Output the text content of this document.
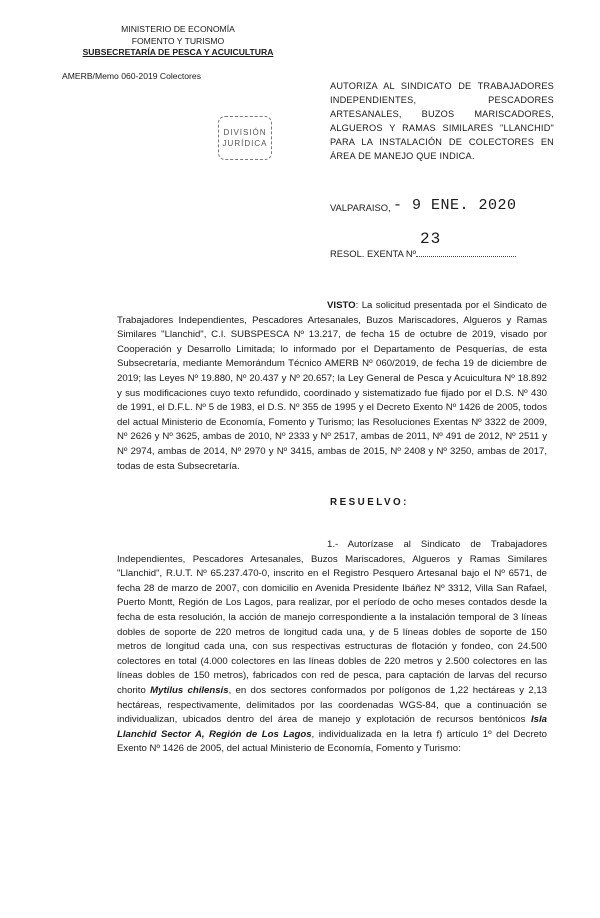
MINISTERIO DE ECONOMÍA
FOMENTO Y TURISMO
SUBSECRETARÍA DE PESCA Y ACUICULTURA
AMERB/Memo 060-2019 Colectores
DIVISIÓN
JURÍDICA
AUTORIZA AL SINDICATO DE TRABAJADORES INDEPENDIENTES, PESCADORES ARTESANALES, BUZOS MARISCADORES, ALGUEROS Y RAMAS SIMILARES "LLANCHID" PARA LA INSTALACIÓN DE COLECTORES EN ÁREA DE MANEJO QUE INDICA.
VALPARAISO, - 9 ENE. 2020
23
RESOL. EXENTA Nº
VISTO: La solicitud presentada por el Sindicato de Trabajadores Independientes, Pescadores Artesanales, Buzos Mariscadores, Algueros y Ramas Similares "Llanchid", C.I. SUBSPESCA Nº 13.217, de fecha 15 de octubre de 2019, visado por Cooperación y Desarrollo Limitada; lo informado por el Departamento de Pesquerías, de esta Subsecretaría, mediante Memorándum Técnico AMERB Nº 060/2019, de fecha 19 de diciembre de 2019; las Leyes Nº 19.880, Nº 20.437 y Nº 20.657; la Ley General de Pesca y Acuicultura Nº 18.892 y sus modificaciones cuyo texto refundido, coordinado y sistematizado fue fijado por el D.S. Nº 430 de 1991, el D.F.L. Nº 5 de 1983, el D.S. Nº 355 de 1995 y el Decreto Exento Nº 1426 de 2005, todos del actual Ministerio de Economía, Fomento y Turismo; las Resoluciones Exentas Nº 3322 de 2009, Nº 2626 y Nº 3625, ambas de 2010, Nº 2333 y Nº 2517, ambas de 2011, Nº 491 de 2012, Nº 2511 y Nº 2974, ambas de 2014, Nº 2970 y Nº 3415, ambas de 2015, Nº 2408 y Nº 3250, ambas de 2017, todas de esta Subsecretaría.
RESUELVO:
1.- Autorízase al Sindicato de Trabajadores Independientes, Pescadores Artesanales, Buzos Mariscadores, Algueros y Ramas Similares "Llanchid", R.U.T. Nº 65.237.470-0, inscrito en el Registro Pesquero Artesanal bajo el Nº 6571, de fecha 28 de marzo de 2007, con domicilio en Avenida Presidente Ibáñez Nº 3312, Villa San Rafael, Puerto Montt, Región de Los Lagos, para realizar, por el período de ocho meses contados desde la fecha de esta resolución, la acción de manejo correspondiente a la instalación temporal de 3 líneas dobles de soporte de 220 metros de longitud cada una, y de 5 líneas dobles de soporte de 150 metros de longitud cada una, con sus respectivas estructuras de flotación y fondeo, con 24.500 colectores en total (4.000 colectores en las líneas dobles de 220 metros y 2.500 colectores en las líneas dobles de 150 metros), fabricados con red de pesca, para captación de larvas del recurso chorito Mytilus chilensis, en dos sectores conformados por polígonos de 1,22 hectáreas y 2,13 hectáreas, respectivamente, delimitados por las coordenadas WGS-84, que a continuación se individualizan, ubicados dentro del área de manejo y explotación de recursos bentónicos Isla Llanchid Sector A, Región de Los Lagos, individualizada en la letra f) artículo 1º del Decreto Exento Nº 1426 de 2005, del actual Ministerio de Economía, Fomento y Turismo:
